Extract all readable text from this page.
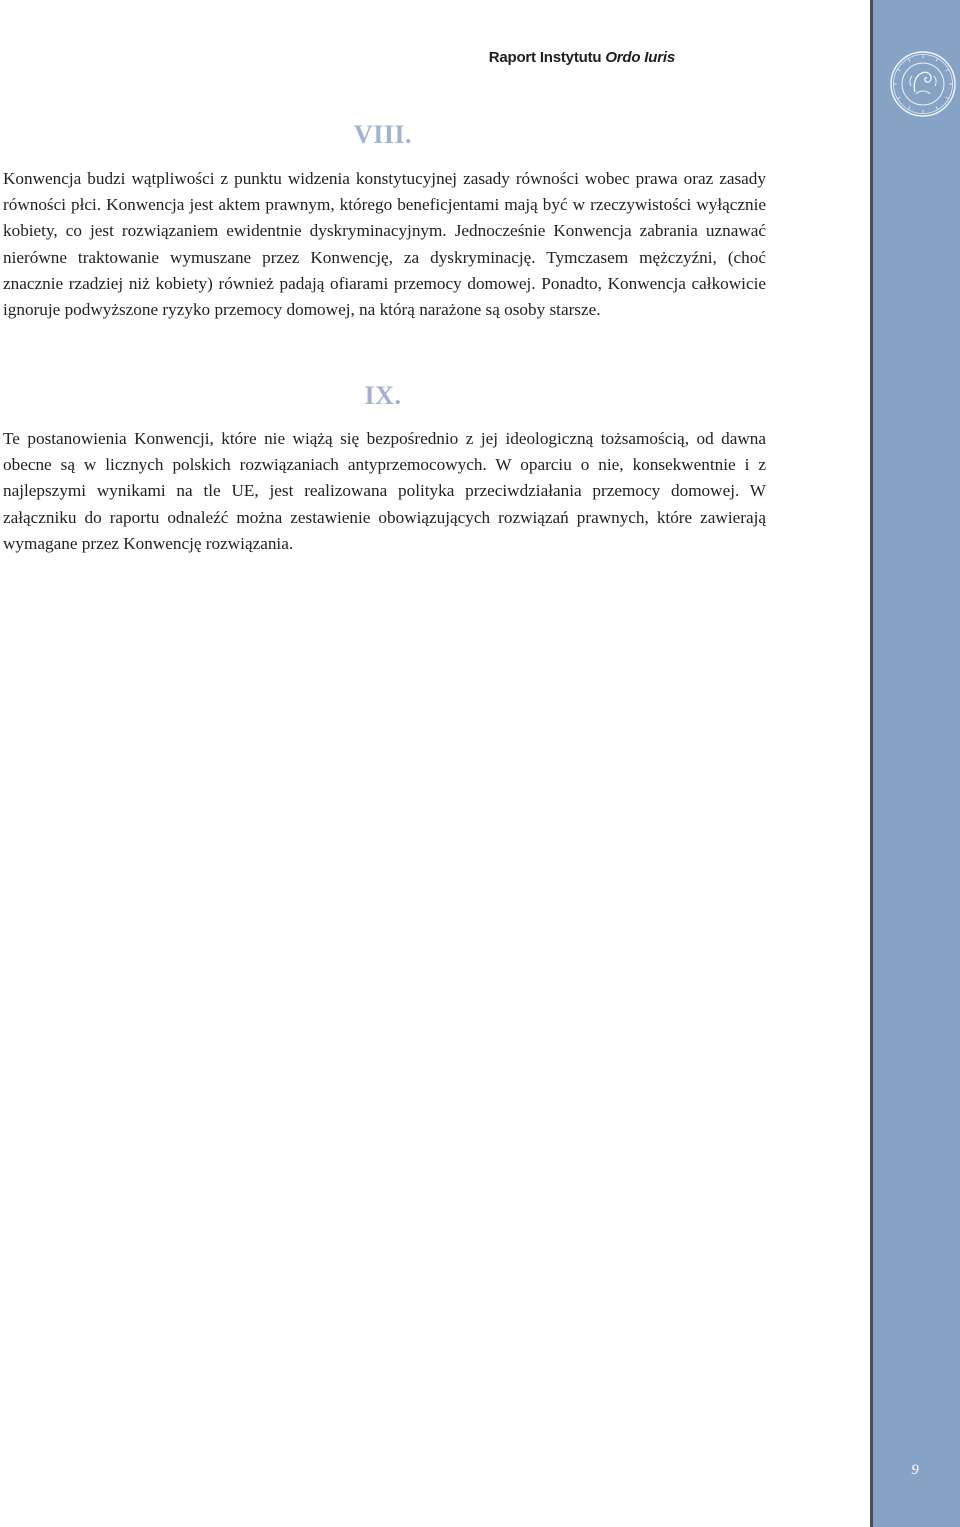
Raport Instytutu Ordo Iuris
VIII.

Konwencja budzi wątpliwości z punktu widzenia konstytucyjnej zasady równości wobec prawa oraz zasady równości płci. Konwencja jest aktem prawnym, którego beneficjentami mają być w rzeczywistości wyłącznie kobiety, co jest rozwiązaniem ewidentnie dyskryminacyjnym. Jednocześnie Konwencja zabrania uznawać nierówne traktowanie wymuszane przez Konwencję, za dyskryminację. Tymczasem mężczyźni, (choć znacznie rzadziej niż kobiety) również padają ofiarami przemocy domowej. Ponadto, Konwencja całkowicie ignoruje podwyższone ryzyko przemocy domowej, na którą narażone są osoby starsze.

IX.

Te postanowienia Konwencji, które nie wiążą się bezpośrednio z jej ideologiczną tożsamością, od dawna obecne są w licznych polskich rozwiązaniach antyprzemocowych. W oparciu o nie, konsekwentnie i z najlepszymi wynikami na tle UE, jest realizowana polityka przeciwdziałania przemocy domowej. W załączniku do raportu odnaleźć można zestawienie obowiązujących rozwiązań prawnych, które zawierają wymagane przez Konwencję rozwiązania.

9
